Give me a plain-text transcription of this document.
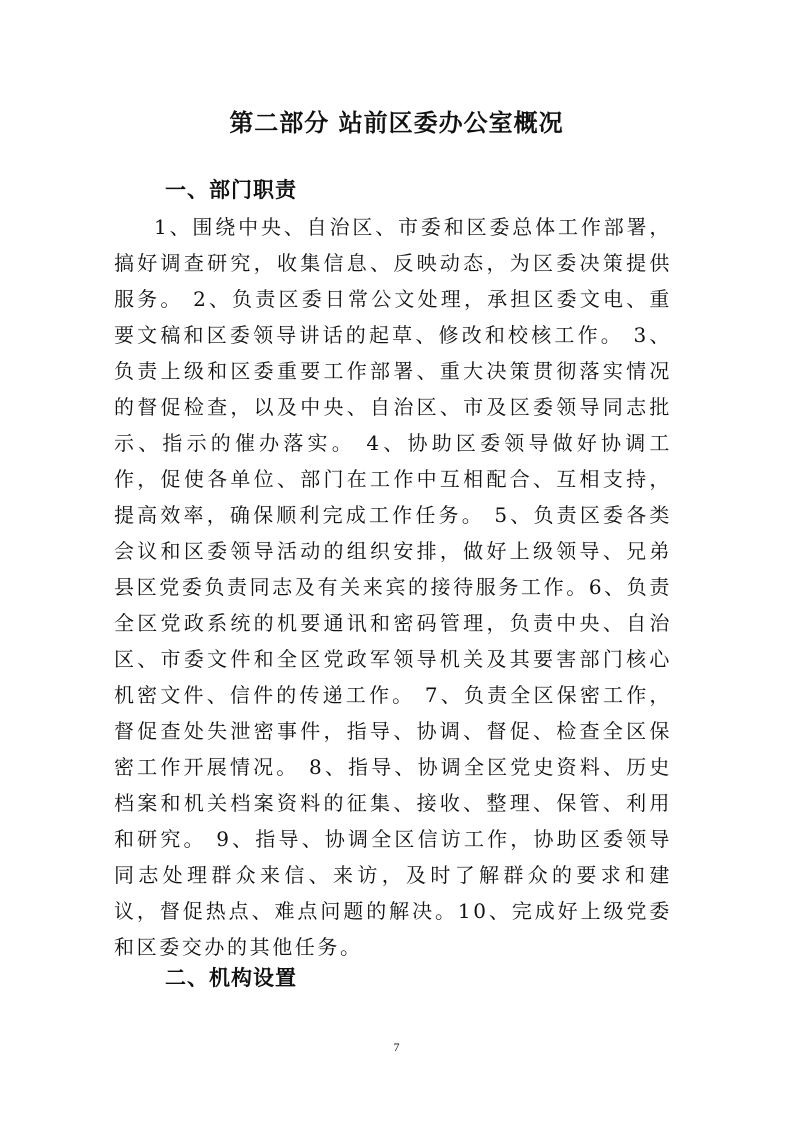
第二部分 站前区委办公室概况
一、部门职责

1、围绕中央、自治区、市委和区委总体工作部署，搞好调查研究，收集信息、反映动态，为区委决策提供服务。 2、负责区委日常公文处理，承担区委文电、重要文稿和区委领导讲话的起草、修改和校核工作。 3、负责上级和区委重要工作部署、重大决策贯彻落实情况的督促检查，以及中央、自治区、市及区委领导同志批示、指示的催办落实。 4、协助区委领导做好协调工作，促使各单位、部门在工作中互相配合、互相支持，提高效率，确保顺利完成工作任务。 5、负责区委各类会议和区委领导活动的组织安排，做好上级领导、兄弟县区党委负责同志及有关来宾的接待服务工作。6、负责全区党政系统的机要通讯和密码管理，负责中央、自治区、市委文件和全区党政军领导机关及其要害部门核心机密文件、信件的传递工作。 7、负责全区保密工作，督促查处失泄密事件，指导、协调、督促、检查全区保密工作开展情况。 8、指导、协调全区党史资料、历史档案和机关档案资料的征集、接收、整理、保管、利用和研究。 9、指导、协调全区信访工作，协助区委领导同志处理群众来信、来访，及时了解群众的要求和建议，督促热点、难点问题的解决。10、完成好上级党委和区委交办的其他任务。

二、机构设置
7
